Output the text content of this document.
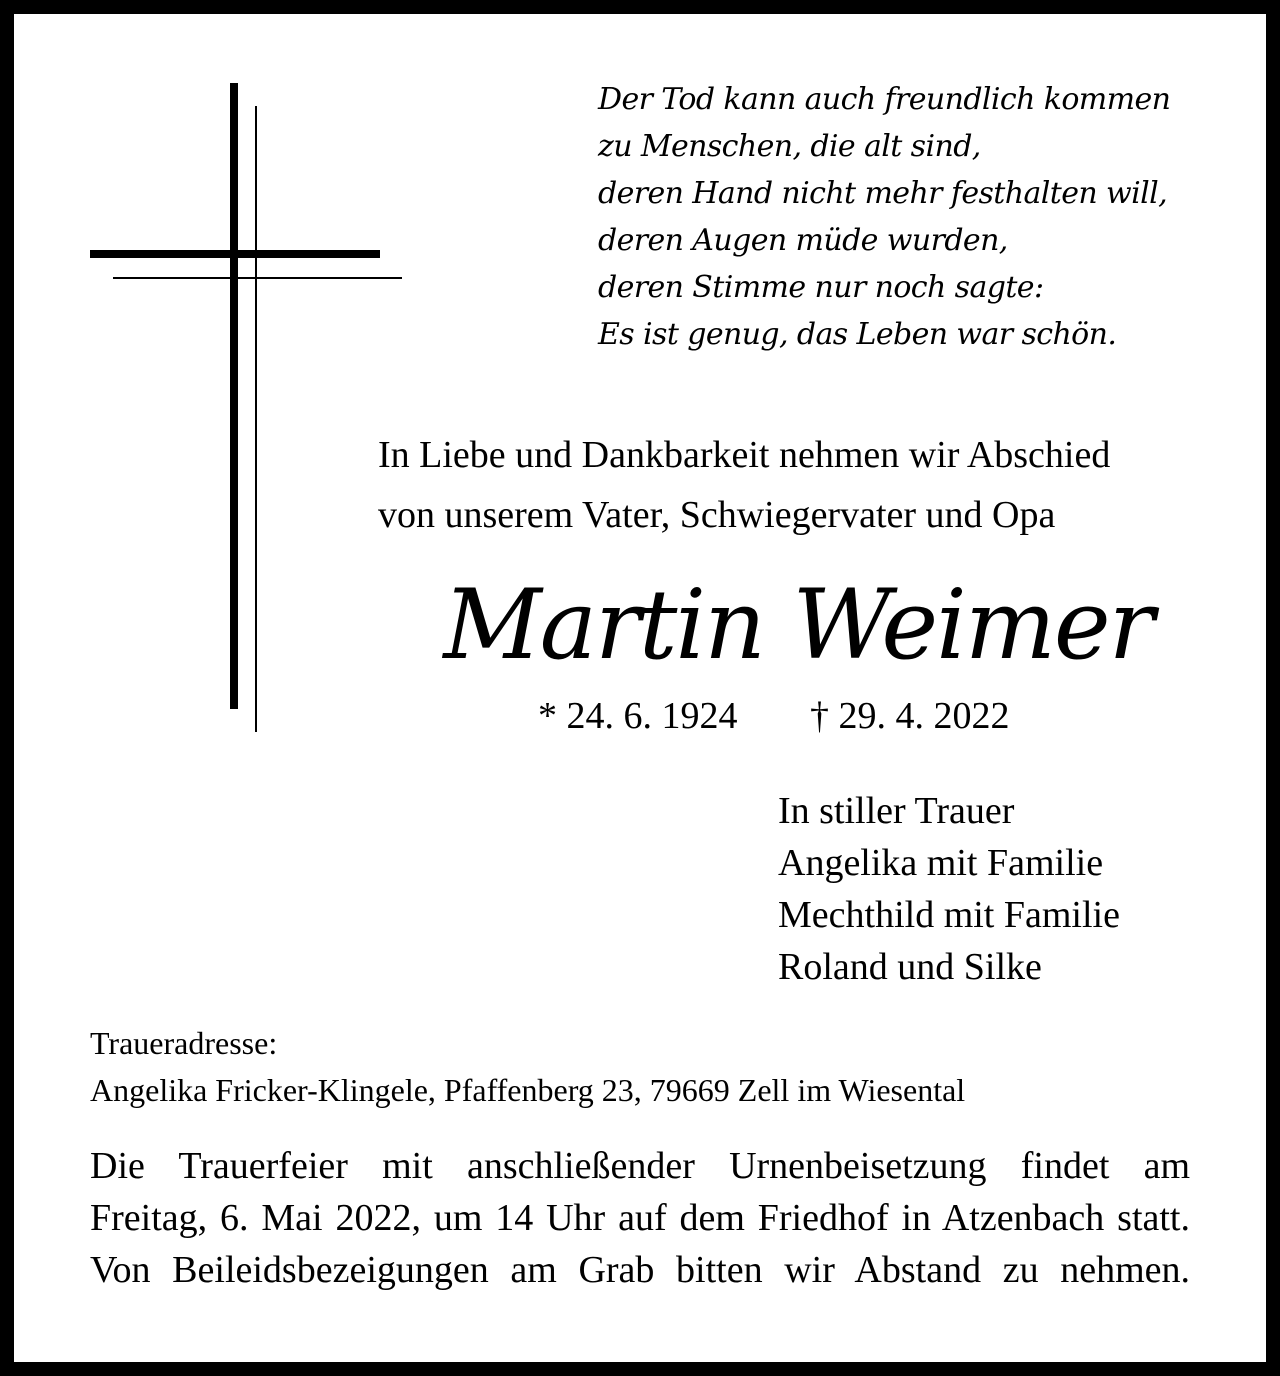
Der Tod kann auch freundlich kommen
zu Menschen, die alt sind,
deren Hand nicht mehr festhalten will,
deren Augen müde wurden,
deren Stimme nur noch sagte:
Es ist genug, das Leben war schön.
In Liebe und Dankbarkeit nehmen wir Abschied
von unserem Vater, Schwiegervater und Opa
Martin Weimer
* 24. 6. 1924 † 29. 4. 2022
In stiller Trauer
Angelika mit Familie
Mechthild mit Familie
Roland und Silke
Traueradresse:
Angelika Fricker-Klingele, Pfaffenberg 23, 79669 Zell im Wiesental
Die Trauerfeier mit anschließender Urnenbeisetzung findet am
Freitag, 6. Mai 2022, um 14 Uhr auf dem Friedhof in Atzenbach statt.
Von Beileidsbezeigungen am Grab bitten wir Abstand zu nehmen.
